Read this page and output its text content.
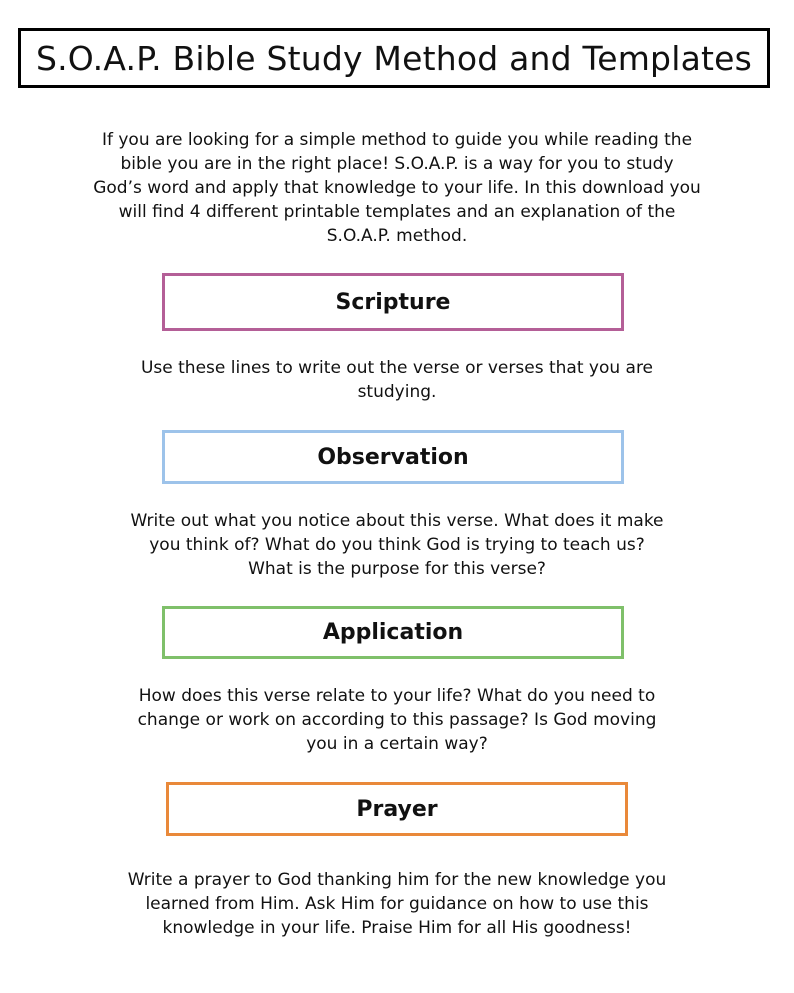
S.O.A.P. Bible Study Method and Templates
If you are looking for a simple method to guide you while reading the
bible you are in the right place! S.O.A.P. is a way for you to study
God’s word and apply that knowledge to your life. In this download you
will find 4 different printable templates and an explanation of the
S.O.A.P. method.
Scripture
Use these lines to write out the verse or verses that you are
studying.
Observation
Write out what you notice about this verse. What does it make
you think of? What do you think God is trying to teach us?
What is the purpose for this verse?
Application
How does this verse relate to your life? What do you need to
change or work on according to this passage? Is God moving
you in a certain way?
Prayer
Write a prayer to God thanking him for the new knowledge you
learned from Him. Ask Him for guidance on how to use this
knowledge in your life. Praise Him for all His goodness!
